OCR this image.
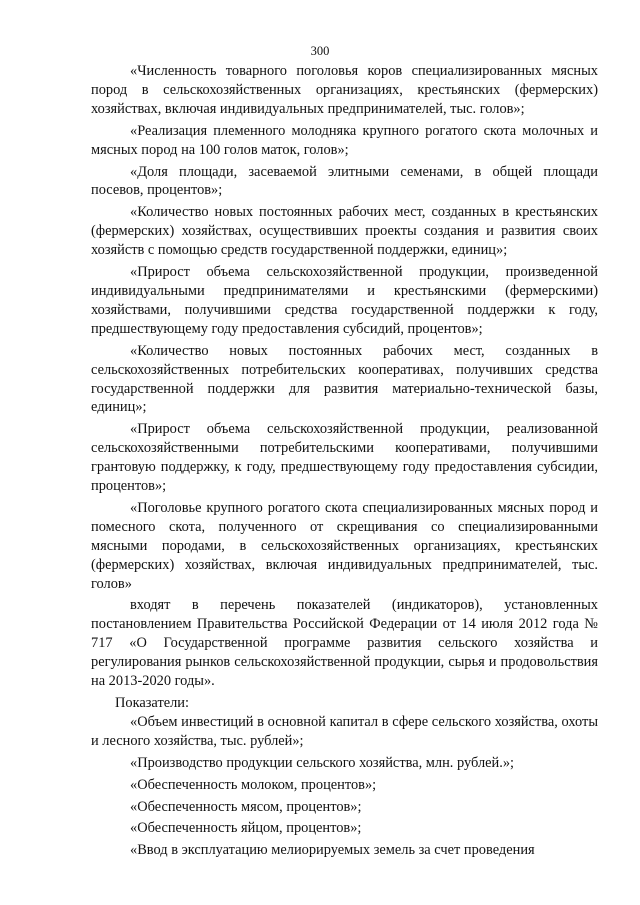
300

«Численность товарного поголовья коров специализированных мясных пород в сельскохозяйственных организациях, крестьянских (фермерских) хозяйствах, включая индивидуальных предпринимателей, тыс. голов»;

«Реализация племенного молодняка крупного рогатого скота молочных и мясных пород на 100 голов маток, голов»;

«Доля площади, засеваемой элитными семенами, в общей площади посевов, процентов»;

«Количество новых постоянных рабочих мест, созданных в крестьянских (фермерских) хозяйствах, осуществивших проекты создания и развития своих хозяйств с помощью средств государственной поддержки, единиц»;

«Прирост объема сельскохозяйственной продукции, произведенной индивидуальными предпринимателями и крестьянскими (фермерскими) хозяйствами, получившими средства государственной поддержки к году, предшествующему году предоставления субсидий, процентов»;

«Количество новых постоянных рабочих мест, созданных в сельскохозяйственных потребительских кооперативах, получивших средства государственной поддержки для развития материально-технической базы, единиц»;

«Прирост объема сельскохозяйственной продукции, реализованной сельскохозяйственными потребительскими кооперативами, получившими грантовую поддержку, к году, предшествующему году предоставления субсидии, процентов»;

«Поголовье крупного рогатого скота специализированных мясных пород и помесного скота, полученного от скрещивания со специализированными мясными породами, в сельскохозяйственных организациях, крестьянских (фермерских) хозяйствах, включая индивидуальных предпринимателей, тыс. голов»

входят в перечень показателей (индикаторов), установленных постановлением Правительства Российской Федерации от 14 июля 2012 года № 717 «О Государственной программе развития сельского хозяйства и регулирования рынков сельскохозяйственной продукции, сырья и продовольствия на 2013-2020 годы».

Показатели:

«Объем инвестиций в основной капитал в сфере сельского хозяйства, охоты и лесного хозяйства, тыс. рублей»;

«Производство продукции сельского хозяйства, млн. рублей.»;

«Обеспеченность молоком, процентов»;

«Обеспеченность мясом, процентов»;

«Обеспеченность яйцом, процентов»;

«Ввод в эксплуатацию мелиорируемых земель за счет проведения
